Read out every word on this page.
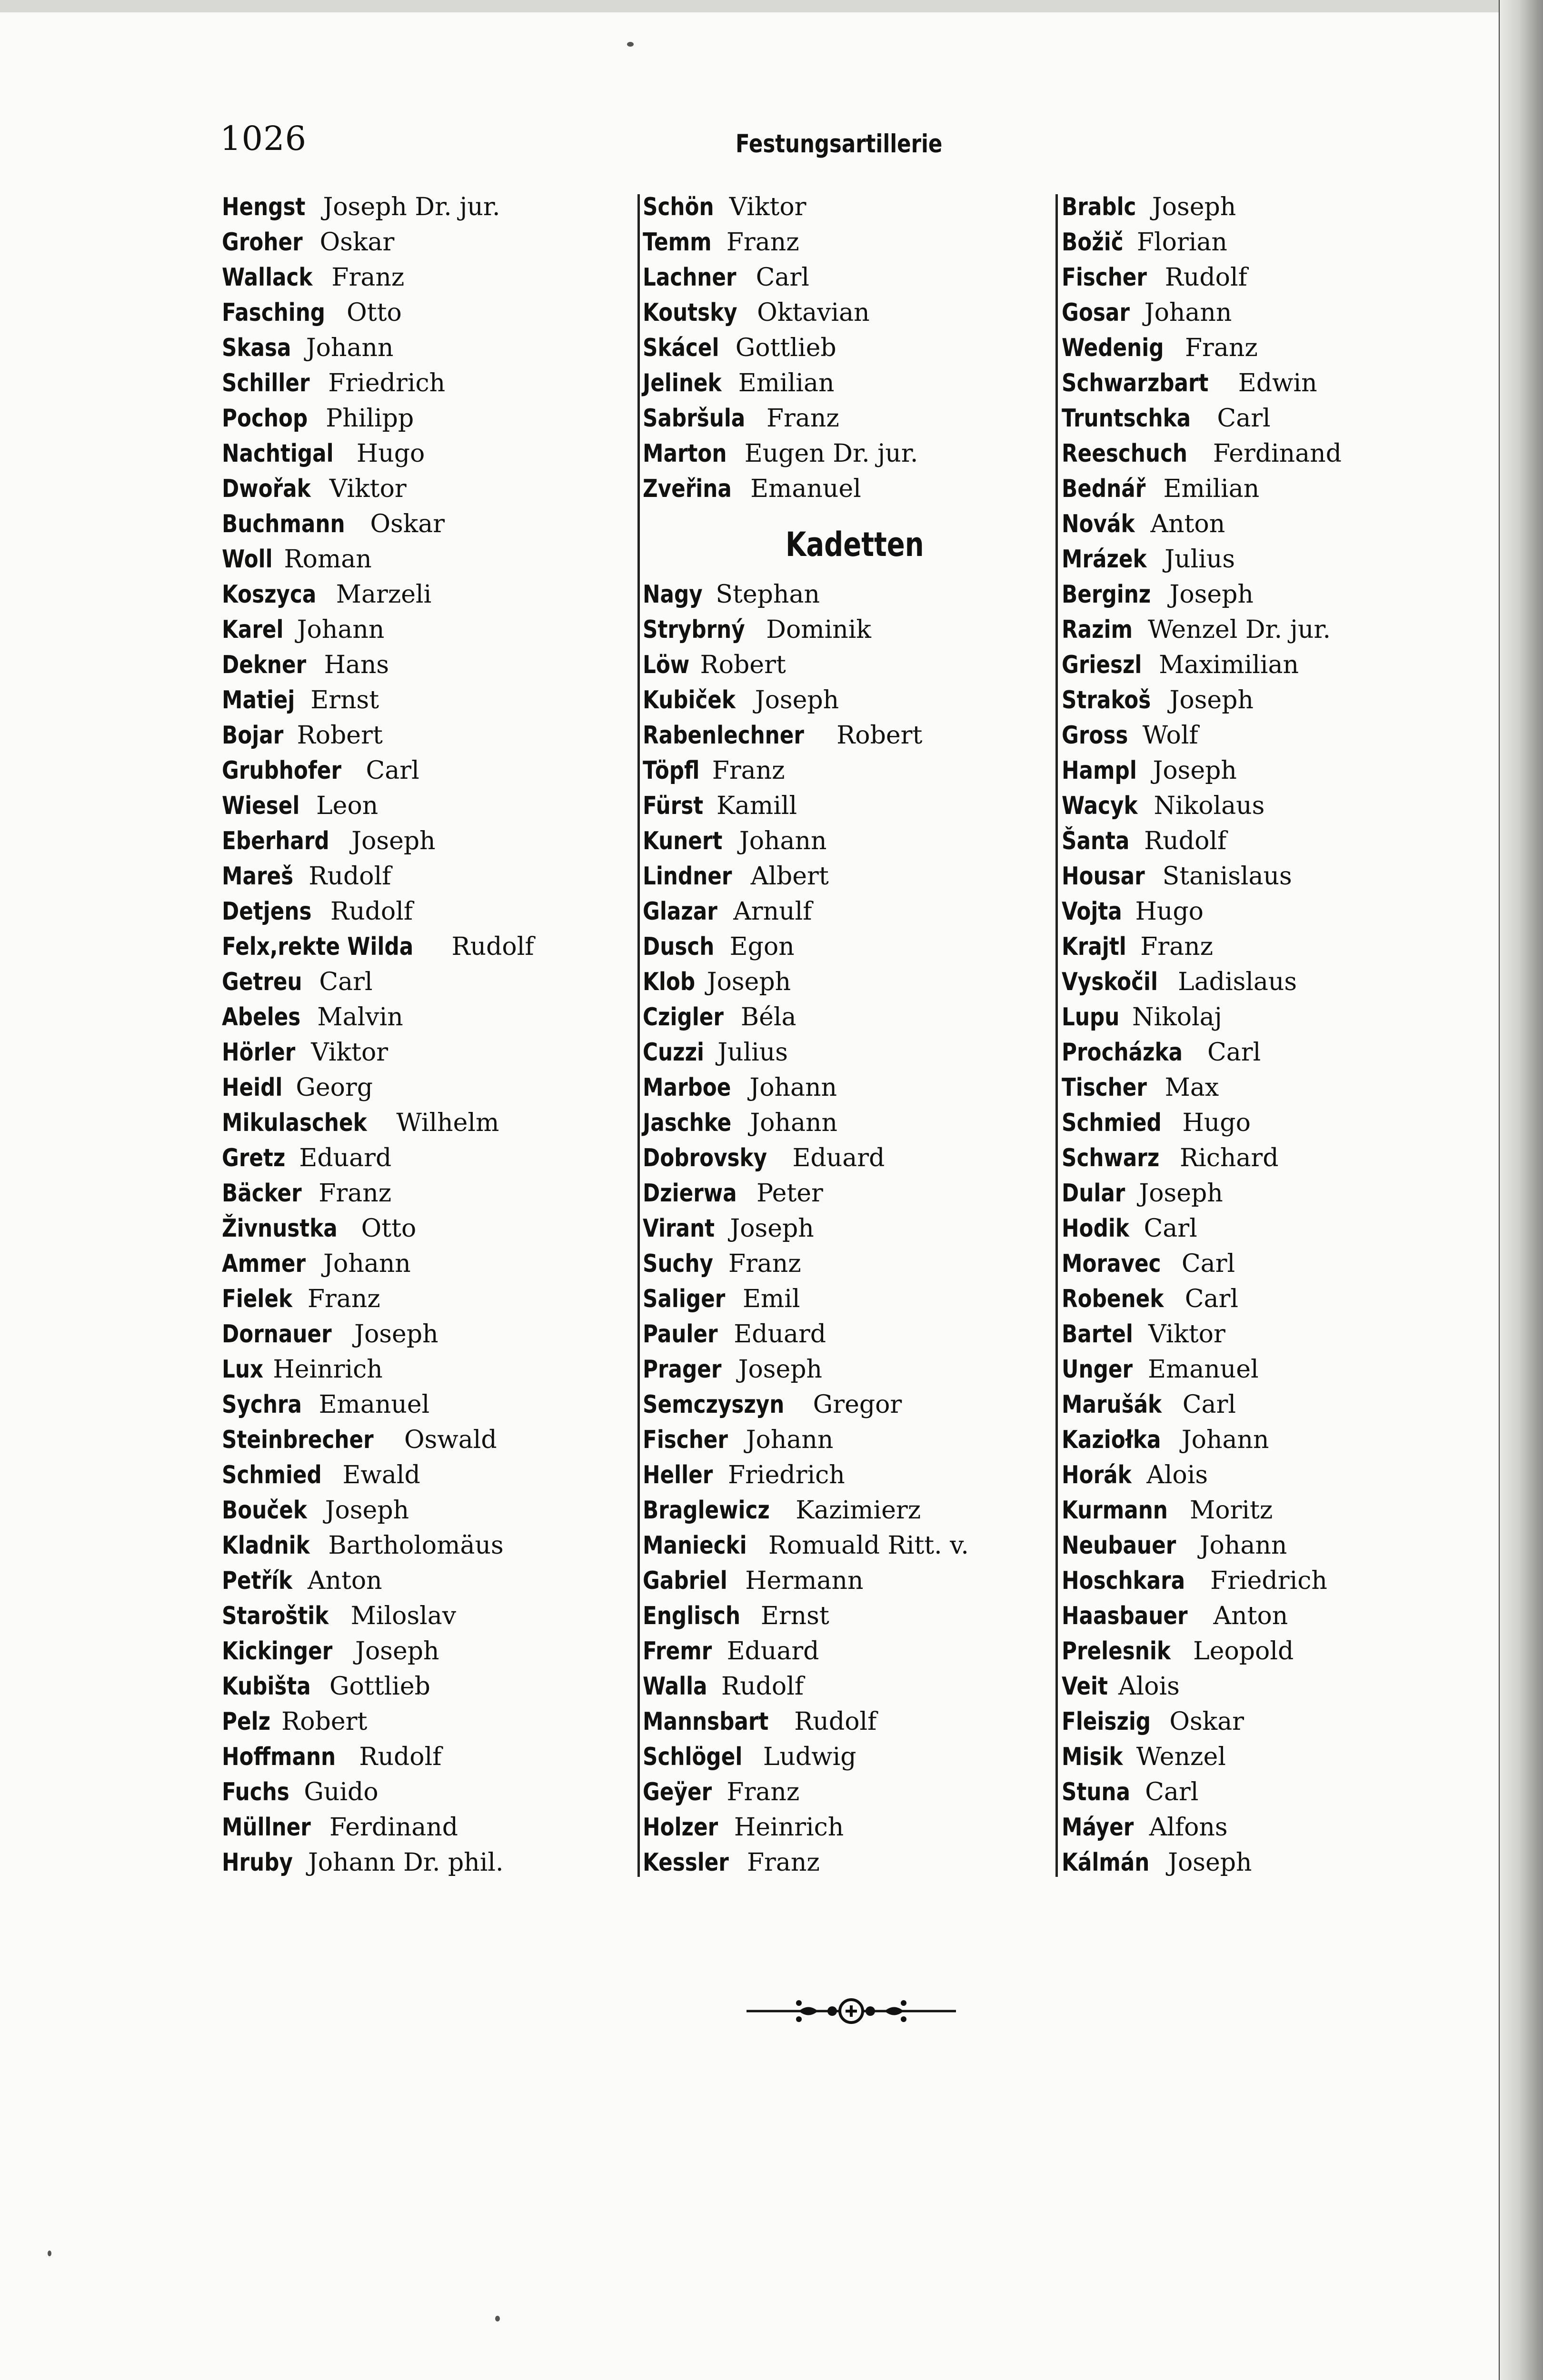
1026	Festungsartillerie
Hengst Joseph Dr. jur.
Groher Oskar
Wallack Franz
Fasching Otto
Skasa Johann
Schiller Friedrich
Pochop Philipp
Nachtigal Hugo
Dwořak Viktor
Buchmann Oskar
Woll Roman
Koszyca Marzeli
Karel Johann
Dekner Hans
Matiej Ernst
Bojar Robert
Grubhofer Carl
Wiesel Leon
Eberhard Joseph
Mareš Rudolf
Detjens Rudolf
Felx,rekte Wilda Rudolf
Getreu Carl
Abeles Malvin
Hörler Viktor
Heidl Georg
Mikulaschek Wilhelm
Gretz Eduard
Bäcker Franz
Živnustka Otto
Ammer Johann
Fielek Franz
Dornauer Joseph
Lux Heinrich
Sychra Emanuel
Steinbrecher Oswald
Schmied Ewald
Bouček Joseph
Kladnik Bartholomäus
Petřík Anton
Staroštik Miloslav
Kickinger Joseph
Kubišta Gottlieb
Pelz Robert
Hoffmann Rudolf
Fuchs Guido
Müllner Ferdinand
Hruby Johann Dr. phil.
Schön Viktor
Temm Franz
Lachner Carl
Koutsky Oktavian
Skácel Gottlieb
Jelinek Emilian
Sabršula Franz
Marton Eugen Dr. jur.
Zveřina Emanuel
Kadetten
Nagy Stephan
Strybrný Dominik
Löw Robert
Kubiček Joseph
Rabenlechner Robert
Töpfl Franz
Fürst Kamill
Kunert Johann
Lindner Albert
Glazar Arnulf
Dusch Egon
Klob Joseph
Czigler Béla
Cuzzi Julius
Marboe Johann
Jaschke Johann
Dobrovsky Eduard
Dzierwa Peter
Virant Joseph
Suchy Franz
Saliger Emil
Pauler Eduard
Prager Joseph
Semczyszyn Gregor
Fischer Johann
Heller Friedrich
Braglewicz Kazimierz
Maniecki Romuald Ritt. v.
Gabriel Hermann
Englisch Ernst
Fremr Eduard
Walla Rudolf
Mannsbart Rudolf
Schlögel Ludwig
Geÿer Franz
Holzer Heinrich
Kessler Franz
Brablc Joseph
Božič Florian
Fischer Rudolf
Gosar Johann
Wedenig Franz
Schwarzbart Edwin
Truntschka Carl
Reeschuch Ferdinand
Bednář Emilian
Novák Anton
Mrázek Julius
Berginz Joseph
Razim Wenzel Dr. jur.
Grieszl Maximilian
Strakoš Joseph
Gross Wolf
Hampl Joseph
Wacyk Nikolaus
Šanta Rudolf
Housar Stanislaus
Vojta Hugo
Krajtl Franz
Vyskočil Ladislaus
Lupu Nikolaj
Procházka Carl
Tischer Max
Schmied Hugo
Schwarz Richard
Dular Joseph
Hodik Carl
Moravec Carl
Robenek Carl
Bartel Viktor
Unger Emanuel
Marušák Carl
Kaziołka Johann
Horák Alois
Kurmann Moritz
Neubauer Johann
Hoschkara Friedrich
Haasbauer Anton
Prelesnik Leopold
Veit Alois
Fleiszig Oskar
Misik Wenzel
Stuna Carl
Máyer Alfons
Kálmán Joseph
